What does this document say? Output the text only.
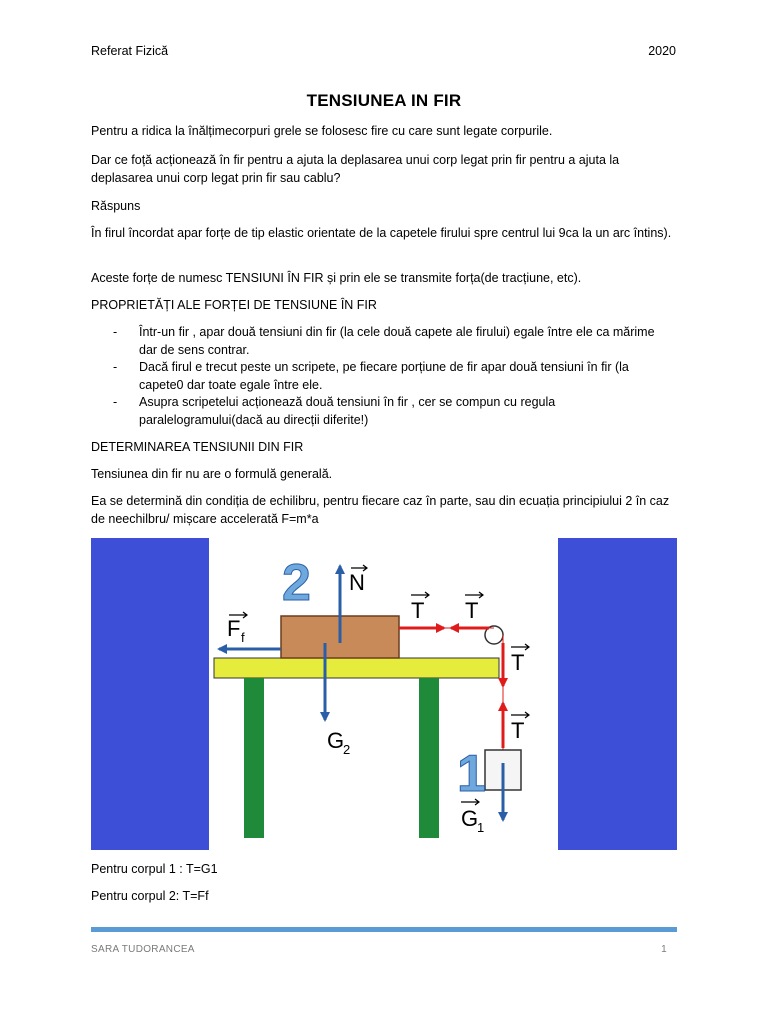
Referat Fizică	2020
TENSIUNEA IN FIR

Pentru a ridica la înălțimecorpuri grele se folosesc fire cu care sunt legate corpurile.

Dar ce foță acționează în fir pentru a ajuta la deplasarea unui corp legat prin fir pentru a ajuta la deplasarea unui corp legat prin fir sau cablu?

Răspuns

În firul încordat apar forțe de tip elastic orientate de la capetele firului spre centrul lui 9ca la un arc întins).

Aceste forțe de numesc TENSIUNI ÎN FIR și prin ele se transmite forța(de tracțiune, etc).

PROPRIETĂȚI ALE FORȚEI DE TENSIUNE ÎN FIR

- Într-un fir , apar două tensiuni din fir (la cele două capete ale firului) egale între ele ca mărime dar de sens contrar.
- Dacă firul e trecut peste un scripete, pe fiecare porțiune de fir apar două tensiuni în fir (la capete0 dar toate egale între ele.
- Asupra scripetelui acționează două tensiuni în fir , cer se compun cu regula paralelogramului(dacă au direcții diferite!)

DETERMINAREA TENSIUNII DIN FIR

Tensiunea din fir nu are o formulă generală.

Ea se determină din condiția de echilibru, pentru fiecare caz în parte, sau din ecuația principiului 2 în caz de neechilbru/ mișcare accelerată F=m*a

2
1
N
F f
T T
T
T
G
2
G
1

Pentru corpul 1 : T=G1

Pentru corpul 2: T=Ff

SARA TUDORANCEA	1
